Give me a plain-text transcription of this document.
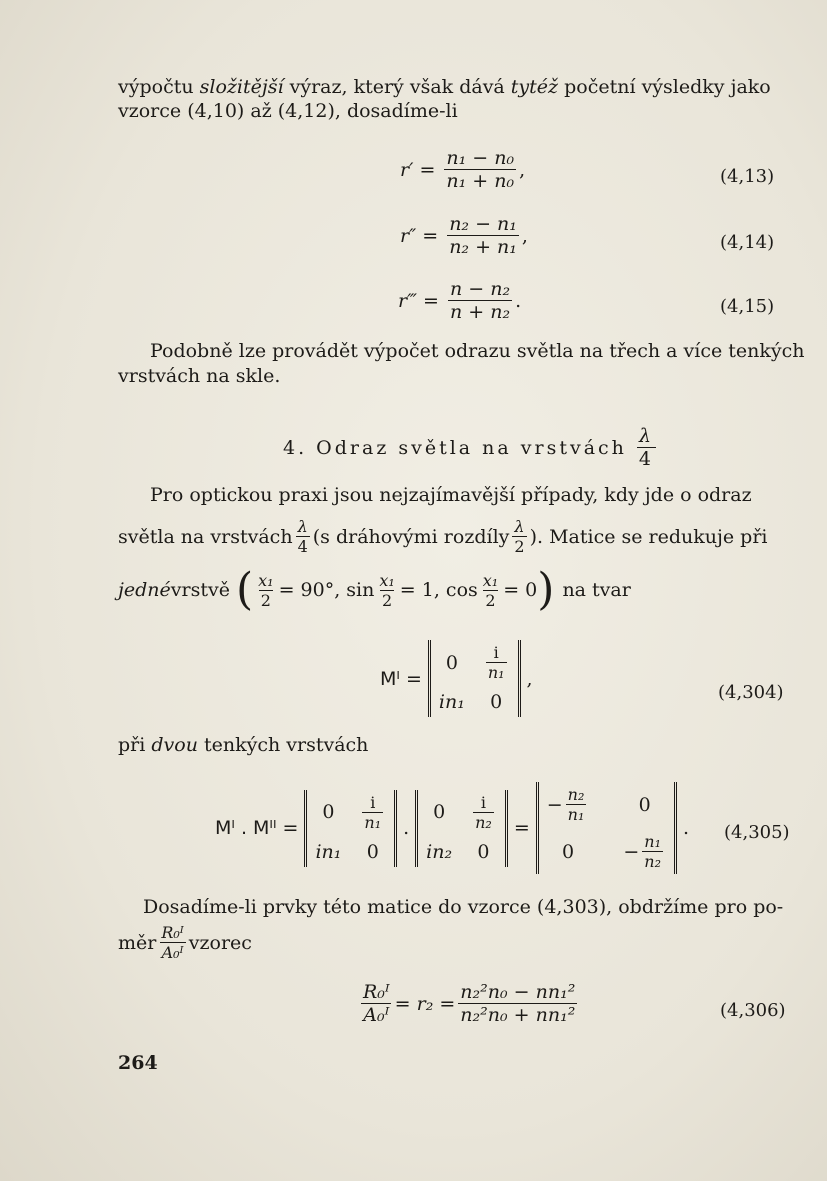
výpočtu složitější výraz, který však dává tytéž početní výsledky jako
vzorce (4,10) až (4,12), dosadíme-li
$r' = \frac{\text{n₁ − n₀}}{\text{n₁ + n₀}}$ ,	(4,13)
$r'' = \frac{\text{n₂ − n₁}}{\text{n₂ + n₁}}$ ,	(4,14)
r‴ = $\frac{\text{n − n₂}}{\text{n + n₂}}$ .	(4,15)
Podobně lze provádět výpočet odrazu světla na třech a více tenkých
vrstvách na skle.
4. Odraz světla na vrstvách $\frac{\lambda}{4}$
Pro optickou praxi jsou nejzajímavější případy, kdy jde o odraz
světla na vrstvách $\frac{\lambda}{4} (s$ dráhovými rozdíly $\frac{\lambda}{2}$ ). Matice se redukuje při
jedné vrstvě ( $\frac{\text{x₁}}{2} = 90^\circ$, $\sin \frac{\text{x₁}}{2} = 1$, $\cos \frac{\text{x₁}}{2} = 0$ ) na tvar
Mᴵ =
$0 \frac{i}{\text{n₁}}$
in₁ 0
,
(4,304)
při dvou tenkých vrstvách
Mᴵ . Mᴵᴵ =
$0 \frac{i}{\text{n₁}}$
in₁ 0
.
$0 \frac{i}{\text{n₂}}$
in₂ 0
=
− $\frac{\text{n₂}}{\text{n₁}}$	0
0	− $\frac{\text{n₁}}{\text{n₂}}$
. (4,305)
Dosadíme-li prvky této matice do vzorce (4,303), obdržíme pro po-
měr $\frac{\text{R₀ᴵ}}{\text{A₀ᴵ}}$ vzorec
$\frac{\text{R₀ᴵ}}{\text{A₀ᴵ}} = r_2 = \frac{\text{n₂²n₀ − nn₁²}}{\text{n₂²n₀ + nn₁²}}$	(4,306)
264
